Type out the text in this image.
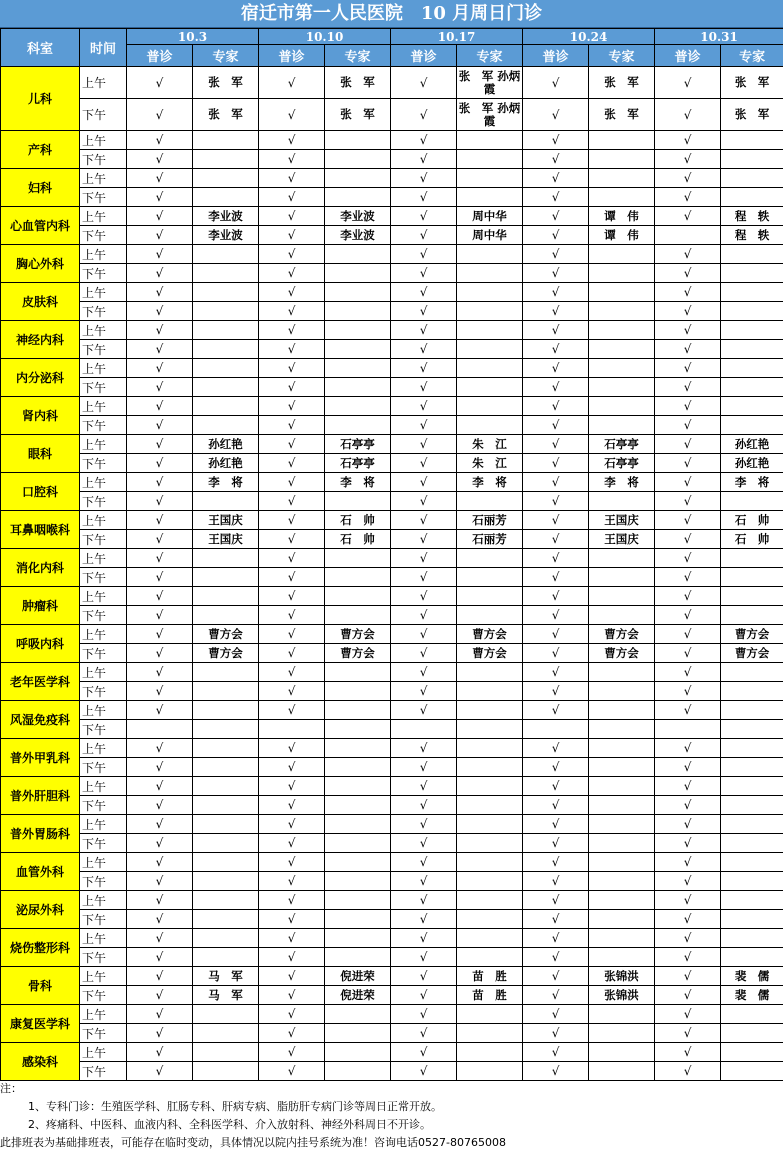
宿迁市第一人民医院　10 月周日门诊
科室	时间	10.3		10.10		10.17		10.24		10.31	
		普诊	专家	普诊	专家	普诊	专家	普诊	专家	普诊	专家
儿科	上午	√	张　军	√	张　军	√	张　军 孙炳霞	√	张　军	√	张　军
	下午	√	张　军	√	张　军	√	张　军 孙炳霞	√	张　军	√	张　军
产科	上午	√		√		√		√		√	
	下午	√		√		√		√		√	
妇科	上午	√		√		√		√		√	
	下午	√		√		√		√		√	
心血管内科	上午	√	李业波	√	李业波	√	周中华	√	谭　伟	√	程　轶
	下午	√	李业波	√	李业波	√	周中华	√	谭　伟		程　轶
胸心外科	上午	√		√		√		√		√	
	下午	√		√		√		√		√	
皮肤科	上午	√		√		√		√		√	
	下午	√		√		√		√		√	
神经内科	上午	√		√		√		√		√	
	下午	√		√		√		√		√	
内分泌科	上午	√		√		√		√		√	
	下午	√		√		√		√		√	
肾内科	上午	√		√		√		√		√	
	下午	√		√		√		√		√	
眼科	上午	√	孙红艳	√	石亭亭	√	朱　江	√	石亭亭	√	孙红艳
	下午	√	孙红艳	√	石亭亭	√	朱　江	√	石亭亭	√	孙红艳
口腔科	上午	√	李　将	√	李　将	√	李　将	√	李　将	√	李　将
	下午	√		√		√		√		√	
耳鼻咽喉科	上午	√	王国庆	√	石　帅	√	石丽芳	√	王国庆	√	石　帅
	下午	√	王国庆	√	石　帅	√	石丽芳	√	王国庆	√	石　帅
消化内科	上午	√		√		√		√		√	
	下午	√		√		√		√		√	
肿瘤科	上午	√		√		√		√		√	
	下午	√		√		√		√		√	
呼吸内科	上午	√	曹方会	√	曹方会	√	曹方会	√	曹方会	√	曹方会
	下午	√	曹方会	√	曹方会	√	曹方会	√	曹方会	√	曹方会
老年医学科	上午	√		√		√		√		√	
	下午	√		√		√		√		√	
风湿免疫科	上午	√		√		√		√		√	
	下午										
普外甲乳科	上午	√		√		√		√		√	
	下午	√		√		√		√		√	
普外肝胆科	上午	√		√		√		√		√	
	下午	√		√		√		√		√	
普外胃肠科	上午	√		√		√		√		√	
	下午	√		√		√		√		√	
血管外科	上午	√		√		√		√		√	
	下午	√		√		√		√		√	
泌尿外科	上午	√		√		√		√		√	
	下午	√		√		√		√		√	
烧伤整形科	上午	√		√		√		√		√	
	下午	√		√		√		√		√	
骨科	上午	√	马　军	√	倪进荣	√	苗　胜	√	张锦洪	√	裴　儒
	下午	√	马　军	√	倪进荣	√	苗　胜	√	张锦洪	√	裴　儒
康复医学科	上午	√		√		√		√		√	
	下午	√		√		√		√		√	
感染科	上午	√		√		√		√		√	
	下午	√		√		√		√		√	

注：

1、专科门诊：生殖医学科、肛肠专科、肝病专病、脂肪肝专病门诊等周日正常开放。

2、疼痛科、中医科、血液内科、全科医学科、介入放射科、神经外科周日不开诊。

此排班表为基础排班表，可能存在临时变动，具体情况以院内挂号系统为准！咨询电话0527-80765008
